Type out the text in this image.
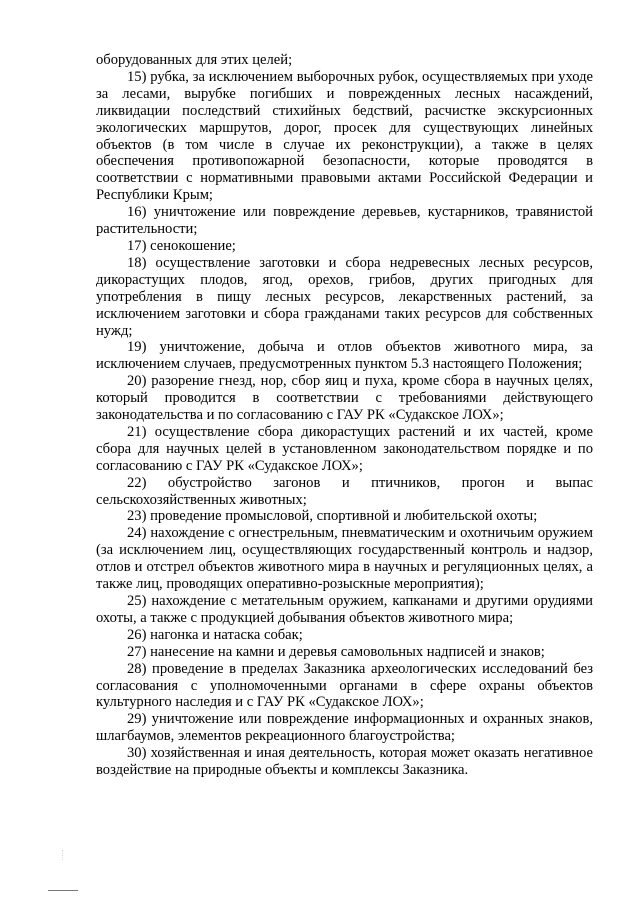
оборудованных для этих целей;

15) рубка, за исключением выборочных рубок, осуществляемых при уходе за лесами, вырубке погибших и поврежденных лесных насаждений, ликвидации последствий стихийных бедствий, расчистке экскурсионных экологических маршрутов, дорог, просек для существующих линейных объектов (в том числе в случае их реконструкции), а также в целях обеспечения противопожарной безопасности, которые проводятся в соответствии с нормативными правовыми актами Российской Федерации и Республики Крым;

16) уничтожение или повреждение деревьев, кустарников, травянистой растительности;

17) сенокошение;

18) осуществление заготовки и сбора недревесных лесных ресурсов, дикорастущих плодов, ягод, орехов, грибов, других пригодных для употребления в пищу лесных ресурсов, лекарственных растений, за исключением заготовки и сбора гражданами таких ресурсов для собственных нужд;

19) уничтожение, добыча и отлов объектов животного мира, за исключением случаев, предусмотренных пунктом 5.3 настоящего Положения;

20) разорение гнезд, нор, сбор яиц и пуха, кроме сбора в научных целях, который проводится в соответствии с требованиями действующего законодательства и по согласованию с ГАУ РК «Судакское ЛОХ»;

21) осуществление сбора дикорастущих растений и их частей, кроме сбора для научных целей в установленном законодательством порядке и по согласованию с ГАУ РК «Судакское ЛОХ»;

22) обустройство загонов и птичников, прогон и выпас сельскохозяйственных животных;

23) проведение промысловой, спортивной и любительской охоты;

24) нахождение с огнестрельным, пневматическим и охотничьим оружием (за исключением лиц, осуществляющих государственный контроль и надзор, отлов и отстрел объектов животного мира в научных и регуляционных целях, а также лиц, проводящих оперативно-розыскные мероприятия);

25) нахождение с метательным оружием, капканами и другими орудиями охоты, а также с продукцией добывания объектов животного мира;

26) нагонка и натаска собак;

27) нанесение на камни и деревья самовольных надписей и знаков;

28) проведение в пределах Заказника археологических исследований без согласования с уполномоченными органами в сфере охраны объектов культурного наследия и с ГАУ РК «Судакское ЛОХ»;

29) уничтожение или повреждение информационных и охранных знаков, шлагбаумов, элементов рекреационного благоустройства;

30) хозяйственная и иная деятельность, которая может оказать негативное воздействие на природные объекты и комплексы Заказника.
